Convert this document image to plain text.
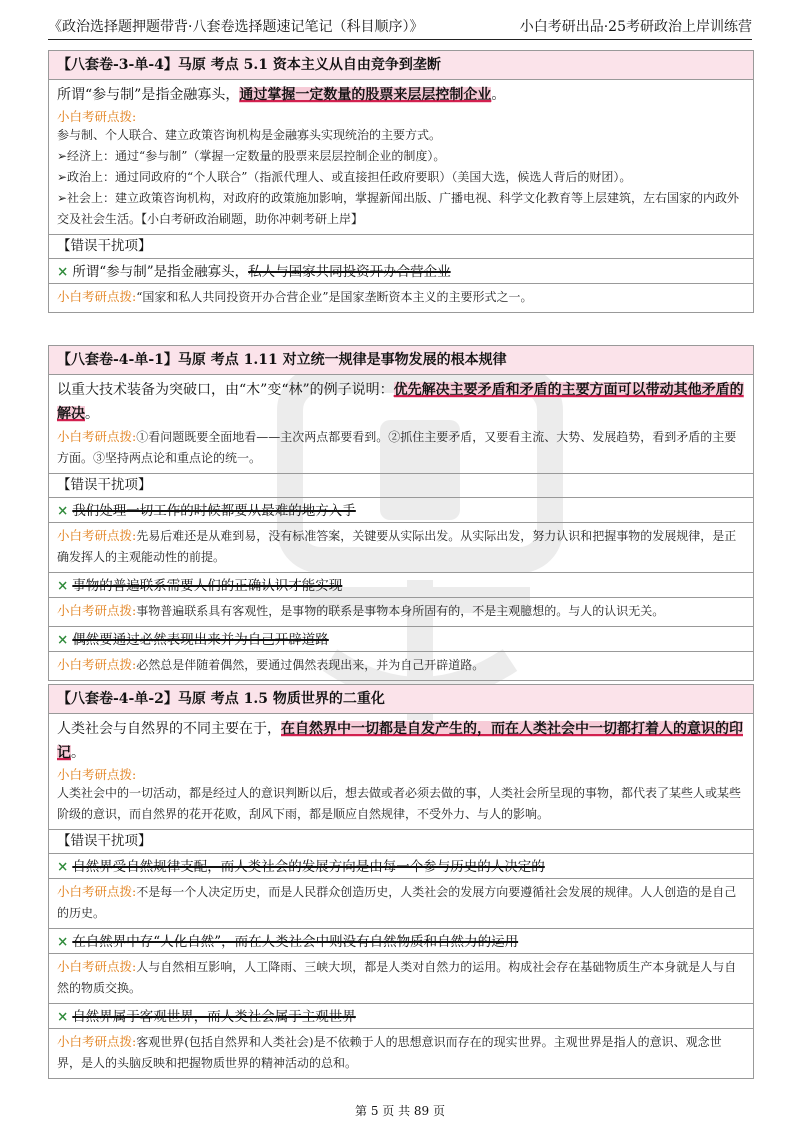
《政治选择题押题带背·八套卷选择题速记笔记（科目顺序）》	小白考研出品·25考研政治上岸训练营
【八套卷-3-单-4】马原 考点 5.1 资本主义从自由竞争到垄断
所谓“参与制”是指金融寡头，通过掌握一定数量的股票来层层控制企业。
小白考研点拨:
参与制、个人联合、建立政策咨询机构是金融寡头实现统治的主要方式。
➢经济上：通过“参与制”（掌握一定数量的股票来层层控制企业的制度）。
➢政治上：通过同政府的“个人联合”（指派代理人、或直接担任政府要职）（美国大选，候选人背后的财团）。
➢社会上：建立政策咨询机构，对政府的政策施加影响，掌握新闻出版、广播电视、科学文化教育等上层建筑，左右国家的内政外交及社会生活。【小白考研政治刷题，助你冲刺考研上岸】
【错误干扰项】
× 所谓“参与制”是指金融寡头，私人与国家共同投资开办合营企业
小白考研点拨:“国家和私人共同投资开办合营企业”是国家垄断资本主义的主要形式之一。
【八套卷-4-单-1】马原 考点 1.11 对立统一规律是事物发展的根本规律
以重大技术装备为突破口，由“木”变“林”的例子说明：优先解决主要矛盾和矛盾的主要方面可以带动其他矛盾的解决。
小白考研点拨:①看问题既要全面地看——主次两点都要看到。②抓住主要矛盾，又要看主流、大势、发展趋势，看到矛盾的主要方面。③坚持两点论和重点论的统一。
【错误干扰项】
× 我们处理一切工作的时候都要从最难的地方入手
小白考研点拨:先易后难还是从难到易，没有标准答案，关键要从实际出发。从实际出发，努力认识和把握事物的发展规律，是正确发挥人的主观能动性的前提。
× 事物的普遍联系需要人们的正确认识才能实现
小白考研点拨:事物普遍联系具有客观性，是事物的联系是事物本身所固有的，不是主观臆想的。与人的认识无关。
× 偶然要通过必然表现出来并为自己开辟道路
小白考研点拨:必然总是伴随着偶然，要通过偶然表现出来，并为自己开辟道路。
【八套卷-4-单-2】马原 考点 1.5 物质世界的二重化
人类社会与自然界的不同主要在于，在自然界中一切都是自发产生的，而在人类社会中一切都打着人的意识的印记。
小白考研点拨:
人类社会中的一切活动，都是经过人的意识判断以后，想去做或者必须去做的事，人类社会所呈现的事物，都代表了某些人或某些阶级的意识，而自然界的花开花败，刮风下雨，都是顺应自然规律，不受外力、与人的影响。
【错误干扰项】
× 自然界受自然规律支配，而人类社会的发展方向是由每一个参与历史的人决定的
小白考研点拨:不是每一个人决定历史，而是人民群众创造历史，人类社会的发展方向要遵循社会发展的规律。人人创造的是自己的历史。
× 在自然界中存“人化自然”，而在人类社会中则没有自然物质和自然力的运用
小白考研点拨:人与自然相互影响，人工降雨、三峡大坝，都是人类对自然力的运用。构成社会存在基础物质生产本身就是人与自然的物质交换。
× 自然界属于客观世界，而人类社会属于主观世界
小白考研点拨:客观世界(包括自然界和人类社会)是不依赖于人的思想意识而存在的现实世界。主观世界是指人的意识、观念世界，是人的头脑反映和把握物质世界的精神活动的总和。
第 5 页 共 89 页
